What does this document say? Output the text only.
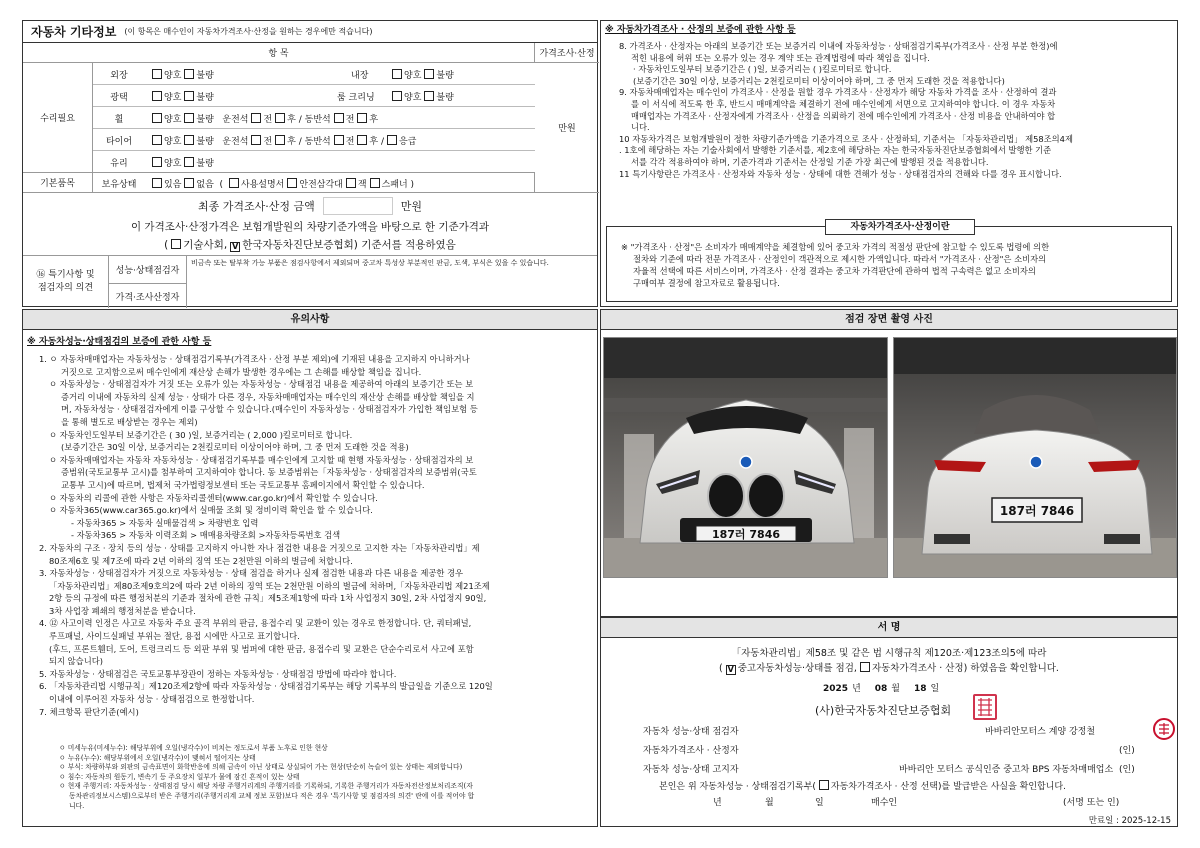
자동차 기타정보 (이 항목은 매수인이 자동차가격조사·산정을 원하는 경우에만 적습니다)
항 목	가격조사·산정
수리필요
기본품목
만원
외장	양호 불량	내장	양호 불량
광택	양호 불량	룸 크리닝	양호 불량
휠	양호 불량 운전석 전 후 / 동반석 전 후
타이어	양호 불량 운전석 전 후 / 동반석 전 후 / 응급
유리	양호 불량
보유상태	있음 없음 ( 사용설명서 안전삼각대 잭 스패너 )
최종 가격조사·산정 금액	만원
이 가격조사·산정가격은 보험개발원의 차량기준가액을 바탕으로 한 기준가격과
( 기술사회, V 한국자동차진단보증협회) 기준서를 적용하였음
⑯ 특기사항 및
점검자의 의견
성능·상태점검자
비금속 또는 탈부착 가능 부품은 점검사항에서 제외되며 중고차 특성상 부분적인 판금, 도색, 부식은 있을 수 있습니다.
가격·조사산정자
※ 자동차가격조사 · 산정의 보증에 관한 사항 등
8. 가격조사 · 산정자는 아래의 보증기간 또는 보증거리 이내에 자동차성능 · 상태점검기록부(가격조사 · 산정 부분 한정)에
적힌 내용에 허위 또는 오류가 있는 경우 계약 또는 관계법령에 따라 책임을 집니다.
· 자동차인도일부터 보증기간은 ( )일, 보증거리는 ( )킬로미터로 합니다.
(보증기간은 30일 이상, 보증거리는 2천킬로미터 이상이어야 하며, 그 중 먼저 도래한 것을 적용합니다)
9. 자동차매매업자는 매수인이 가격조사 · 산정을 원할 경우 가격조사 · 산정자가 해당 자동차 가격을 조사 · 산정하여 결과
를 이 서식에 적도록 한 후, 반드시 매매계약을 체결하기 전에 매수인에게 서면으로 고지하여야 합니다. 이 경우 자동차
매매업자는 가격조사 · 산정자에게 가격조사 · 산정을 의뢰하기 전에 매수인에게 가격조사 · 산정 비용을 안내하여야 합
니다.
10 자동차가격은 보험개발원이 정한 차량기준가액을 기준가격으로 조사 · 산정하되, 기준서는 「자동차관리법」 제58조의4제
. 1호에 해당하는 자는 기술사회에서 발행한 기준서를, 제2호에 해당하는 자는 한국자동차진단보증협회에서 발행한 기준
서를 각각 적용하여야 하며, 기준가격과 기준서는 산정일 기준 가장 최근에 발행된 것을 적용합니다.
11 특기사항란은 가격조사 · 산정자와 자동차 성능 · 상태에 대한 견해가 성능 · 상태점검자의 견해와 다를 경우 표시합니다.
자동차가격조사·산정이란
※ "가격조사 · 산정"은 소비자가 매매계약을 체결함에 있어 중고차 가격의 적절성 판단에 참고할 수 있도록 법령에 의한
절차와 기준에 따라 전문 가격조사 · 산정인이 객관적으로 제시한 가액입니다. 따라서 "가격조사 · 산정"은 소비자의
자율적 선택에 따른 서비스이며, 가격조사 · 산정 결과는 중고차 가격판단에 관하여 법적 구속력은 없고 소비자의
구매여부 결정에 참고자료로 활용됩니다.
유의사항
※ 자동차성능·상태점검의 보증에 관한 사항 등
1. ㅇ 자동차매매업자는 자동차성능 · 상태점검기록부(가격조사 · 산정 부분 제외)에 기재된 내용을 고지하지 아니하거나
거짓으로 고지함으로써 매수인에게 재산상 손해가 발생한 경우에는 그 손해를 배상할 책임을 집니다.
ㅇ 자동차성능 · 상태점검자가 거짓 또는 오류가 있는 자동차성능 · 상태점검 내용을 제공하여 아래의 보증기간 또는 보
증거리 이내에 자동차의 실제 성능 · 상태가 다른 경우, 자동차매매업자는 매수인의 재산상 손해를 배상할 책임을 지
며, 자동차성능 · 상태점검자에게 이를 구상할 수 있습니다.(매수인이 자동차성능 · 상태점검자가 가입한 책임보험 등
을 통해 별도로 배상받는 경우는 제외)
ㅇ 자동차인도일부터 보증기간은 ( 30 )일, 보증거리는 ( 2,000 )킬로미터로 합니다.
(보증기간은 30일 이상, 보증거리는 2천킬로미터 이상이어야 하며, 그 중 먼저 도래한 것을 적용)
ㅇ 자동차매매업자는 자동차 자동차성능 · 상태점검기록부를 매수인에게 고지할 때 현행 자동차성능 · 상태점검자의 보
증범위(국토교통부 고시)를 첨부하여 고지하여야 합니다. 동 보증범위는「자동차성능 · 상태점검자의 보증범위(국토
교통부 고시)에 따르며, 법제처 국가법령정보센터 또는 국토교통부 홈페이지에서 확인할 수 있습니다.
ㅇ 자동차의 리콜에 관한 사항은 자동차리콜센터(www.car.go.kr)에서 확인할 수 있습니다.
ㅇ 자동차365(www.car365.go.kr)에서 실매물 조회 및 정비이력 확인을 할 수 있습니다.
- 자동차365 > 자동차 실매물검색 > 차량번호 입력
- 자동차365 > 자동차 이력조회 > 매매용차량조회 >자동차등록번호 검색
2. 자동차의 구조 · 장치 등의 성능 · 상태를 고지하지 아니한 자나 점검한 내용을 거짓으로 고지한 자는「자동차관리법」제
80조제6호 및 제7조에 따라 2년 이하의 징역 또는 2천만원 이하의 벌금에 처합니다.
3. 자동차성능 · 상태점검자가 거짓으로 자동차성능 · 상태 점검을 하거나 실제 점검한 내용과 다른 내용을 제공한 경우
「자동차관리법」제80조제9호의2에 따라 2년 이하의 징역 또는 2천만원 이하의 벌금에 처하며,「자동차관리법 제21조제
2항 등의 규정에 따른 행정처분의 기준과 절차에 관한 규칙」제5조제1항에 따라 1차 사업정지 30일, 2차 사업정지 90일,
3차 사업장 폐쇄의 행정처분을 받습니다.
4. ⑫ 사고이력 인정은 사고로 자동차 주요 골격 부위의 판금, 용접수리 및 교환이 있는 경우로 한정합니다. 단, 쿼터패널,
루프패널, 사이드실패널 부위는 절단, 용접 시에만 사고로 표기합니다.
(후드, 프론트휀더, 도어, 트렁크리드 등 외판 부위 및 범퍼에 대한 판금, 용접수리 및 교환은 단순수리로서 사고에 포함
되지 않습니다)
5. 자동차성능 · 상태점검은 국토교통부장관이 정하는 자동차성능 · 상태점검 방법에 따라야 합니다.
6. 「자동차관리법 시행규칙」제120조제2항에 따라 자동차성능 · 상태점검기록부는 해당 기록부의 발급일을 기준으로 120일
이내에 이루어진 자동차 성능 · 상태점검으로 한정합니다.
7. 체크항목 판단기준(예시)
ㅇ 미세누유(미세누수): 해당부위에 오일(냉각수)이 비치는 정도로서 부품 노후로 인한 현상
ㅇ 누유(누수): 해당부위에서 오일(냉각수)이 맺혀서 떨어지는 상태
ㅇ 부식: 차량하부와 외판의 금속표면이 화학반응에 의해 금속이 아닌 상태로 상실되어 가는 현상(단순히 녹슬어 있는 상태는 제외합니다)
ㅇ 침수: 자동차의 원동기, 변속기 등 주요장치 일부가 물에 잠긴 흔적이 있는 상태
ㅇ 현재 주행거리: 자동차성능 · 상태점검 당시 해당 차량 주행거리계의 주행거리를 기록하되, 기록한 주행거리가 자동차전산정보처리조직(자
동차관리정보시스템)으로부터 받은 주행거리(주행거리계 교체 정보 포함)보다 적은 경우 '특기사항 및 점검자의 의견' 란에 이를 적어야 합
니다.
점검 장면 촬영 사진
187러 7846
187러 7846
서 명
「자동차관리법」제58조 및 같은 법 시행규칙 제120조·제123조의5에 따라
( V 중고자동차성능·상태를 점검, 자동차가격조사 · 산정) 하였음을 확인합니다.
2025 년 08 월 18 일
(사)한국자동차진단보증협회
자동차 성능·상태 점검자	바바리안모터스 계양 강정철
자동차가격조사 · 산정자	(인)
자동차 성능·상태 고지자	바바리안 모터스 공식인증 중고차 BPS 자동차매매업소 (인)
본인은 위 자동차성능 · 상태점검기록부( 자동차가격조사 · 산정 선택)를 발급받은 사실을 확인합니다.
년	월	일	매수인	(서명 또는 인)
만료일 : 2025-12-15
